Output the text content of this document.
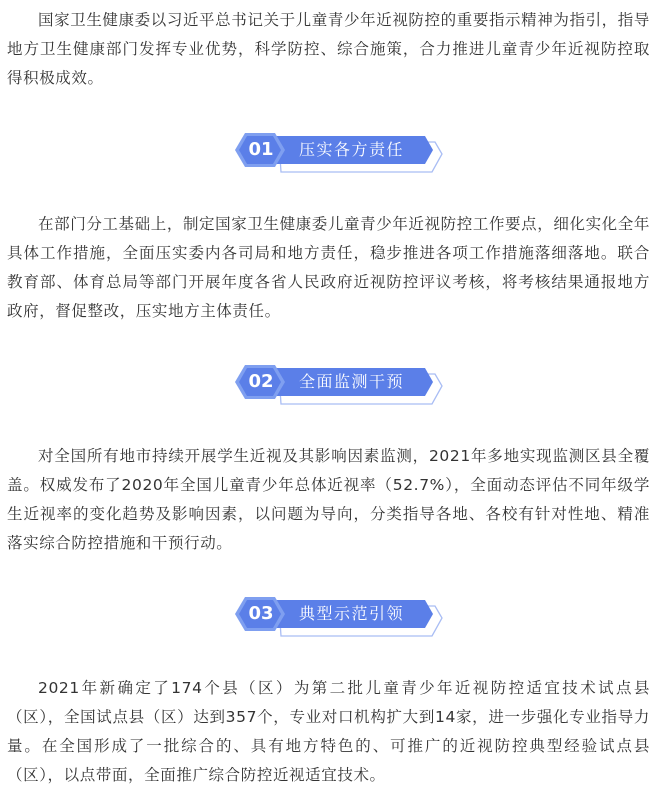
国家卫生健康委以习近平总书记关于儿童青少年近视防控的重要指示精神为指引，指导地方卫生健康部门发挥专业优势，科学防控、综合施策，合力推进儿童青少年近视防控取得积极成效。

01	压实各方责任

在部门分工基础上，制定国家卫生健康委儿童青少年近视防控工作要点，细化实化全年具体工作措施，全面压实委内各司局和地方责任，稳步推进各项工作措施落细落地。联合教育部、体育总局等部门开展年度各省人民政府近视防控评议考核，将考核结果通报地方政府，督促整改，压实地方主体责任。

02	全面监测干预

对全国所有地市持续开展学生近视及其影响因素监测，2021年多地实现监测区县全覆盖。权威发布了2020年全国儿童青少年总体近视率（52.7%），全面动态评估不同年级学生近视率的变化趋势及影响因素，以问题为导向，分类指导各地、各校有针对性地、精准落实综合防控措施和干预行动。

03	典型示范引领

2021年新确定了174个县（区）为第二批儿童青少年近视防控适宜技术试点县（区），全国试点县（区）达到357个，专业对口机构扩大到14家，进一步强化专业指导力量。在全国形成了一批综合的、具有地方特色的、可推广的近视防控典型经验试点县（区），以点带面，全面推广综合防控近视适宜技术。
